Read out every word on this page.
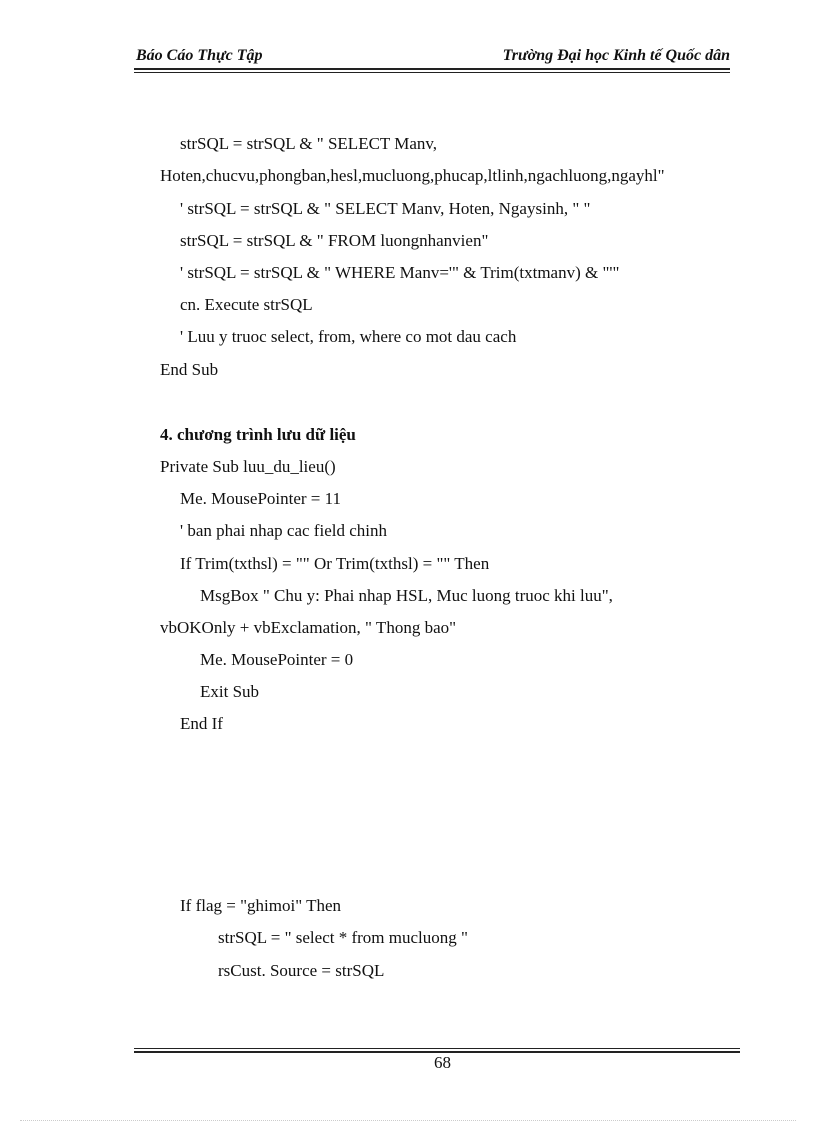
Báo Cáo Thực Tập	Trường Đại học Kinh tế Quốc dân
strSQL = strSQL & " SELECT Manv,
Hoten,chucvu,phongban,hesl,mucluong,phucap,ltlinh,ngachluong,ngayhl"
' strSQL = strSQL & " SELECT Manv, Hoten, Ngaysinh, " "
strSQL = strSQL & " FROM luongnhanvien"
' strSQL = strSQL & " WHERE Manv='" & Trim(txtmanv) & "'"
cn. Execute strSQL
' Luu y truoc select, from, where co mot dau cach
End Sub
4. chương trình lưu dữ liệu
Private Sub luu_du_lieu()
Me. MousePointer = 11
' ban phai nhap cac field chinh
If Trim(txthsl) = "" Or Trim(txthsl) = "" Then
MsgBox " Chu y: Phai nhap HSL, Muc luong truoc khi luu",
vbOKOnly + vbExclamation, " Thong bao"
Me. MousePointer = 0
Exit Sub
End If
If flag = "ghimoi" Then
strSQL = " select * from mucluong "
rsCust. Source = strSQL
68
